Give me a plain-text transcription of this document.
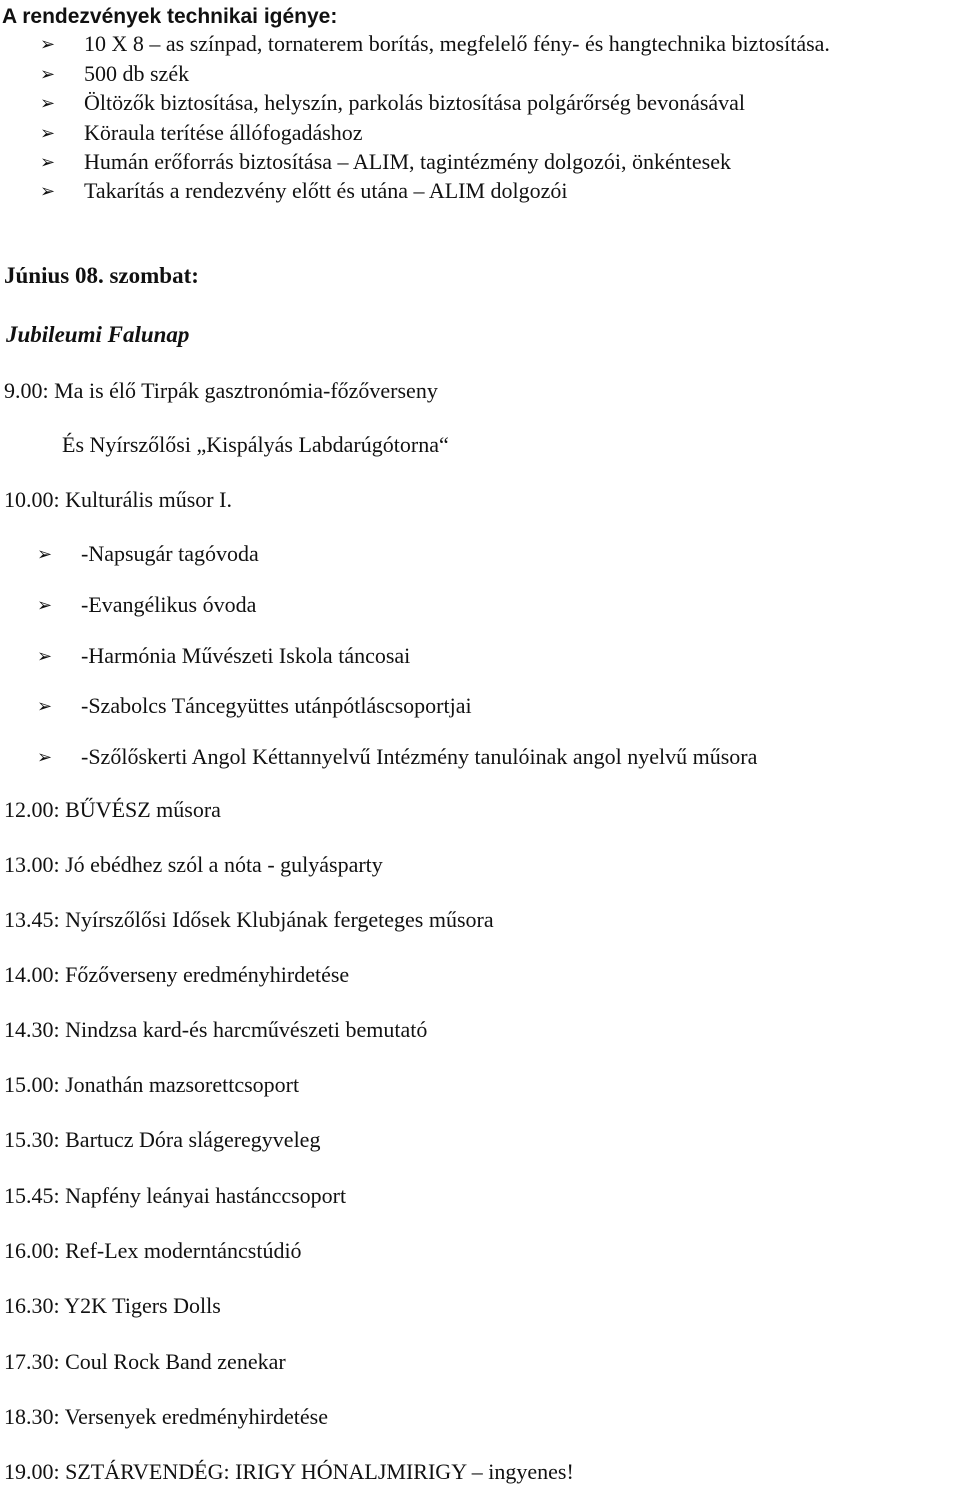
A rendezvények technikai igénye:
➢ 10 X 8 – as színpad, tornaterem borítás, megfelelő fény- és hangtechnika biztosítása.
➢ 500 db szék
➢ Öltözők biztosítása, helyszín, parkolás biztosítása polgárőrség bevonásával
➢ Köraula terítése állófogadáshoz
➢ Humán erőforrás biztosítása – ALIM, tagintézmény dolgozói, önkéntesek
➢ Takarítás a rendezvény előtt és utána – ALIM dolgozói
Június 08. szombat:
Jubileumi Falunap
9.00 : Ma is élő Tirpák gasztronómia-főzőverseny
És Nyírszőlősi „Kispályás Labdarúgótorna“
10.00 : Kulturális műsor I.
➢ -Napsugár tagóvoda
➢ -Evangélikus óvoda
➢ -Harmónia Művészeti Iskola táncosai
➢ -Szabolcs Táncegyüttes utánpótláscsoportjai
➢ -Szőlőskerti Angol Kéttannyelvű Intézmény tanulóinak angol nyelvű műsora
12.00 : BŰVÉSZ műsora
13.00 : Jó ebédhez szól a nóta - gulyásparty
13.45 : Nyírszőlősi Idősek Klubjának fergeteges műsora
14.00 : Főzőverseny eredményhirdetése
14.30 : Nindzsa kard-és harcművészeti bemutató
15.00 : Jonathán mazsorettcsoport
15.30 : Bartucz Dóra slágeregyveleg
15.45 : Napfény leányai hastánccsoport
16.00 : Ref-Lex moderntáncstúdió
16.30 : Y2K Tigers Dolls
17.30 : Coul Rock Band zenekar
18.30 : Versenyek eredményhirdetése
19.00 : SZTÁRVENDÉG: IRIGY HÓNALJMIRIGY – ingyenes!
